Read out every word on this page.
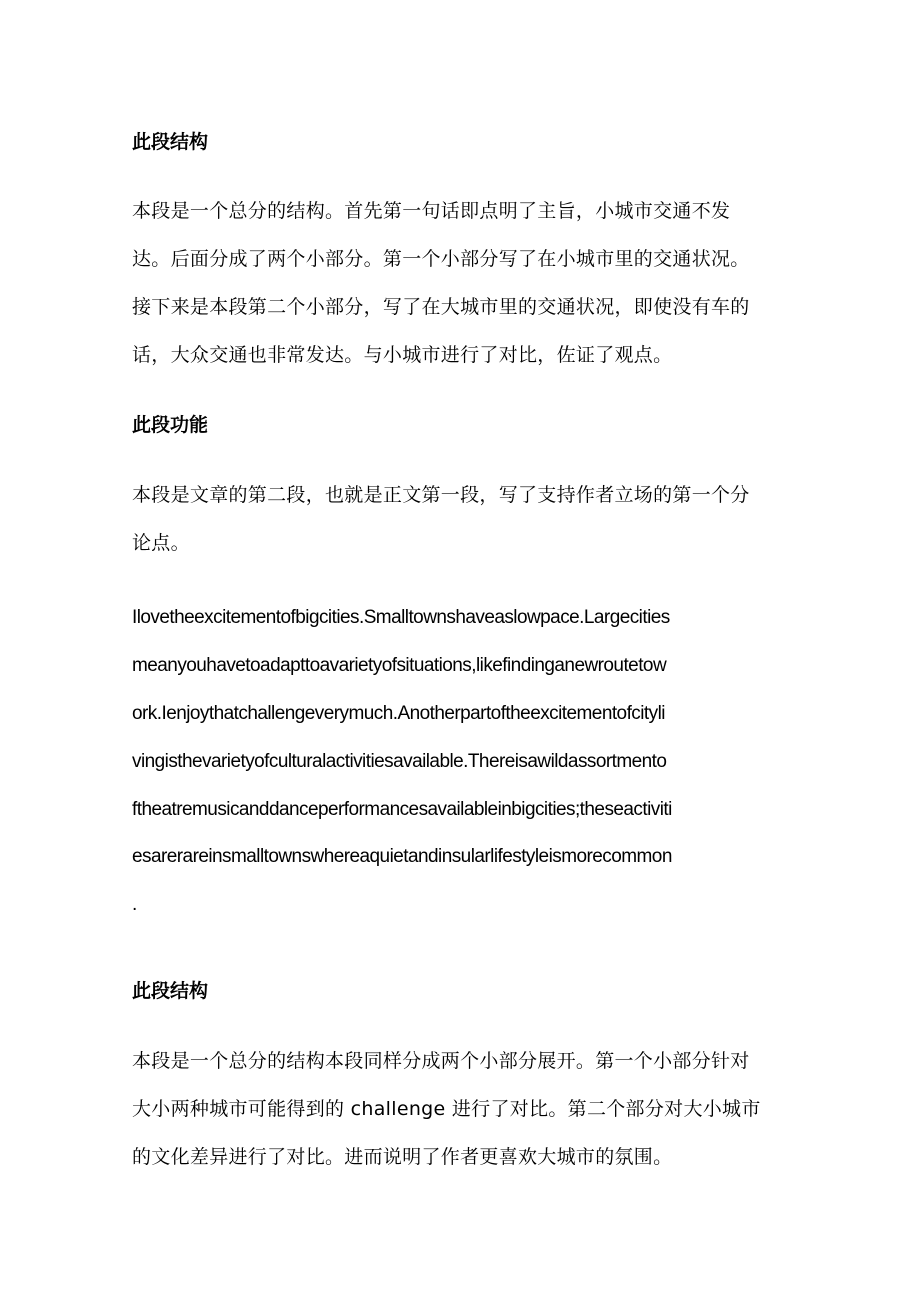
此段结构
本段是一个总分的结构。首先第一句话即点明了主旨，小城市交通不发
达。后面分成了两个小部分。第一个小部分写了在小城市里的交通状况。
接下来是本段第二个小部分，写了在大城市里的交通状况，即使没有车的
话，大众交通也非常发达。与小城市进行了对比，佐证了观点。
此段功能
本段是文章的第二段，也就是正文第一段，写了支持作者立场的第一个分
论点。
Ilovetheexcitementofbigcities.Smalltownshaveaslowpace.Largecities
meanyouhavetoadapttoavarietyofsituations,likefindinganewroutetow
ork.Ienjoythatchallengeverymuch.Anotherpartoftheexcitementofcityli
vingisthevarietyofculturalactivitiesavailable.Thereisawildassortmento
ftheatremusicanddanceperformancesavailableinbigcities;theseactiviti
esarerareinsmalltownswhereaquietandinsularlifestyleismorecommon
.
此段结构
本段是一个总分的结构本段同样分成两个小部分展开。第一个小部分针对
大小两种城市可能得到的 challenge 进行了对比。第二个部分对大小城市
的文化差异进行了对比。进而说明了作者更喜欢大城市的氛围。
